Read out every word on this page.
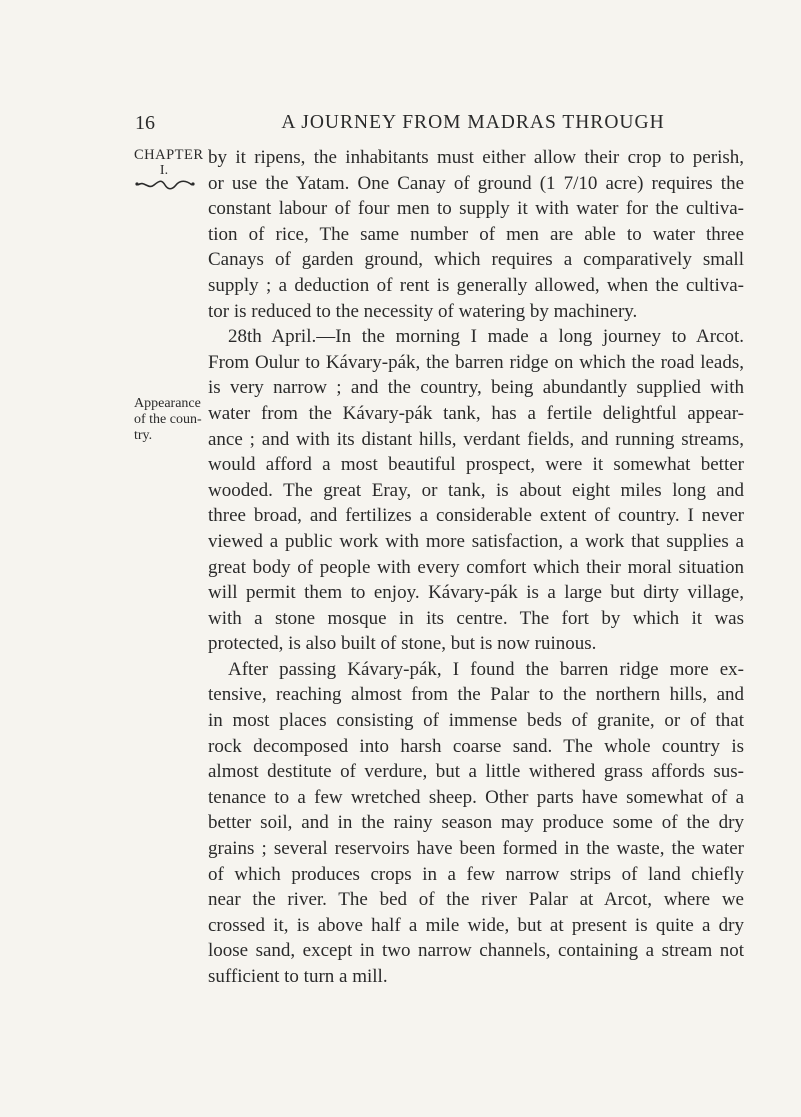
16	A JOURNEY FROM MADRAS THROUGH
CHAPTER
I.
Appearance
of the coun-
try.
by it ripens, the inhabitants must either allow their crop to perish,
or use the Yatam. One Canay of ground (1 7/10 acre) requires the
constant labour of four men to supply it with water for the cultiva-
tion of rice, The same number of men are able to water three
Canays of garden ground, which requires a comparatively small
supply ; a deduction of rent is generally allowed, when the cultiva-
tor is reduced to the necessity of watering by machinery.
28th April.—In the morning I made a long journey to Arcot.
From Oulur to Kávary-pák, the barren ridge on which the road leads,
is very narrow ; and the country, being abundantly supplied with
water from the Kávary-pák tank, has a fertile delightful appear-
ance ; and with its distant hills, verdant fields, and running streams,
would afford a most beautiful prospect, were it somewhat better
wooded. The great Eray, or tank, is about eight miles long and
three broad, and fertilizes a considerable extent of country. I never
viewed a public work with more satisfaction, a work that supplies a
great body of people with every comfort which their moral situation
will permit them to enjoy. Kávary-pák is a large but dirty village,
with a stone mosque in its centre. The fort by which it was
protected, is also built of stone, but is now ruinous.
After passing Kávary-pák, I found the barren ridge more ex-
tensive, reaching almost from the Palar to the northern hills, and
in most places consisting of immense beds of granite, or of that
rock decomposed into harsh coarse sand. The whole country is
almost destitute of verdure, but a little withered grass affords sus-
tenance to a few wretched sheep. Other parts have somewhat of a
better soil, and in the rainy season may produce some of the dry
grains ; several reservoirs have been formed in the waste, the water
of which produces crops in a few narrow strips of land chiefly
near the river. The bed of the river Palar at Arcot, where we
crossed it, is above half a mile wide, but at present is quite a dry
loose sand, except in two narrow channels, containing a stream not
sufficient to turn a mill.
